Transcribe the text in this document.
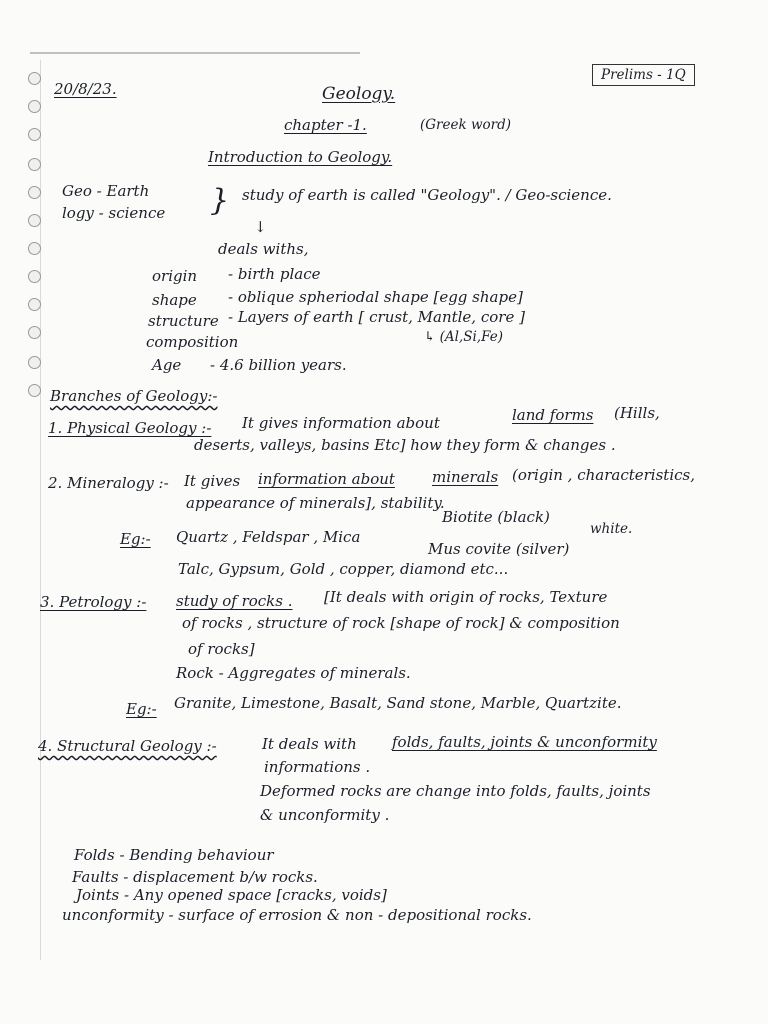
20/8/23.
Prelims - 1Q
Geology.
chapter -1.	(Greek word)
Introduction to Geology.
Geo - Earth
logy - science } study of earth is called "Geology". / Geo-science.
↓
deals withs,
origin - birth place
shape - oblique spheriodal shape [egg shape]
structure - Layers of earth [ crust, Mantle, core ]
composition	↳ (Al,Si,Fe)
Age - 4.6 billion years.
Branches of Geology:-
1. Physical Geology :- It gives information about	land forms (Hills,
deserts, valleys, basins Etc] how they form & changes .
2. Mineralogy :- It gives information about minerals (origin , characteristics,
appearance of minerals], stability.
Eg:- Quartz , Feldspar , Mica
Biotite (black)
Mus covite (silver)
white.
Talc, Gypsum, Gold , copper, diamond etc...
3. Petrology :- study of rocks . [It deals with origin of rocks, Texture
of rocks , structure of rock [shape of rock] & composition
of rocks]
Rock - Aggregates of minerals.
Eg:- Granite, Limestone, Basalt, Sand stone, Marble, Quartzite.
4. Structural Geology :-	It deals with folds, faults, joints & unconformity
informations .
Deformed rocks are change into folds, faults, joints
& unconformity .
Folds - Bending behaviour
Faults - displacement b/w rocks.
Joints - Any opened space [cracks, voids]
unconformity - surface of errosion & non - depositional rocks.
